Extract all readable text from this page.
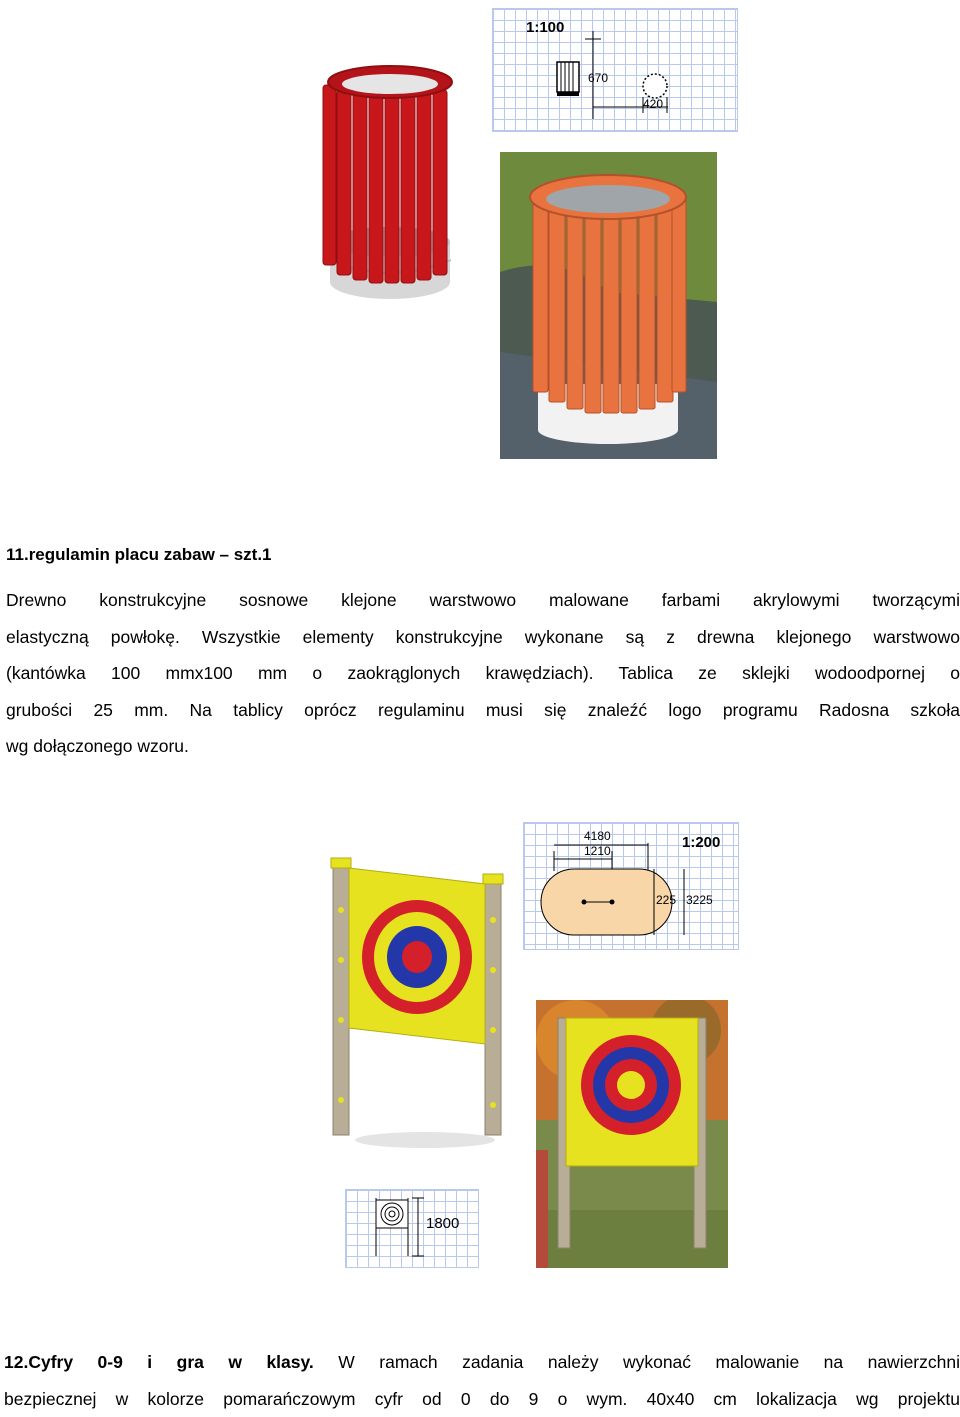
1:100
670
420
11.regulamin placu zabaw – szt.1
Drewno konstrukcyjne sosnowe klejone warstwowo malowane farbami akrylowymi tworzącymi
elastyczną powłokę. Wszystkie elementy konstrukcyjne wykonane są z drewna klejonego warstwowo
(kantówka 100 mmx100 mm o zaokrąglonych krawędziach). Tablica ze sklejki wodoodpornej o
grubości 25 mm. Na tablicy oprócz regulaminu musi się znaleźć logo programu Radosna szkoła
wg dołączonego wzoru.
4180
1210	1:200
225 3225
1800
12.Cyfry 0-9 i gra w klasy. W ramach zadania należy wykonać malowanie na nawierzchni
bezpiecznej w kolorze pomarańczowym cyfr od 0 do 9 o wym. 40x40 cm lokalizacja wg projektu
